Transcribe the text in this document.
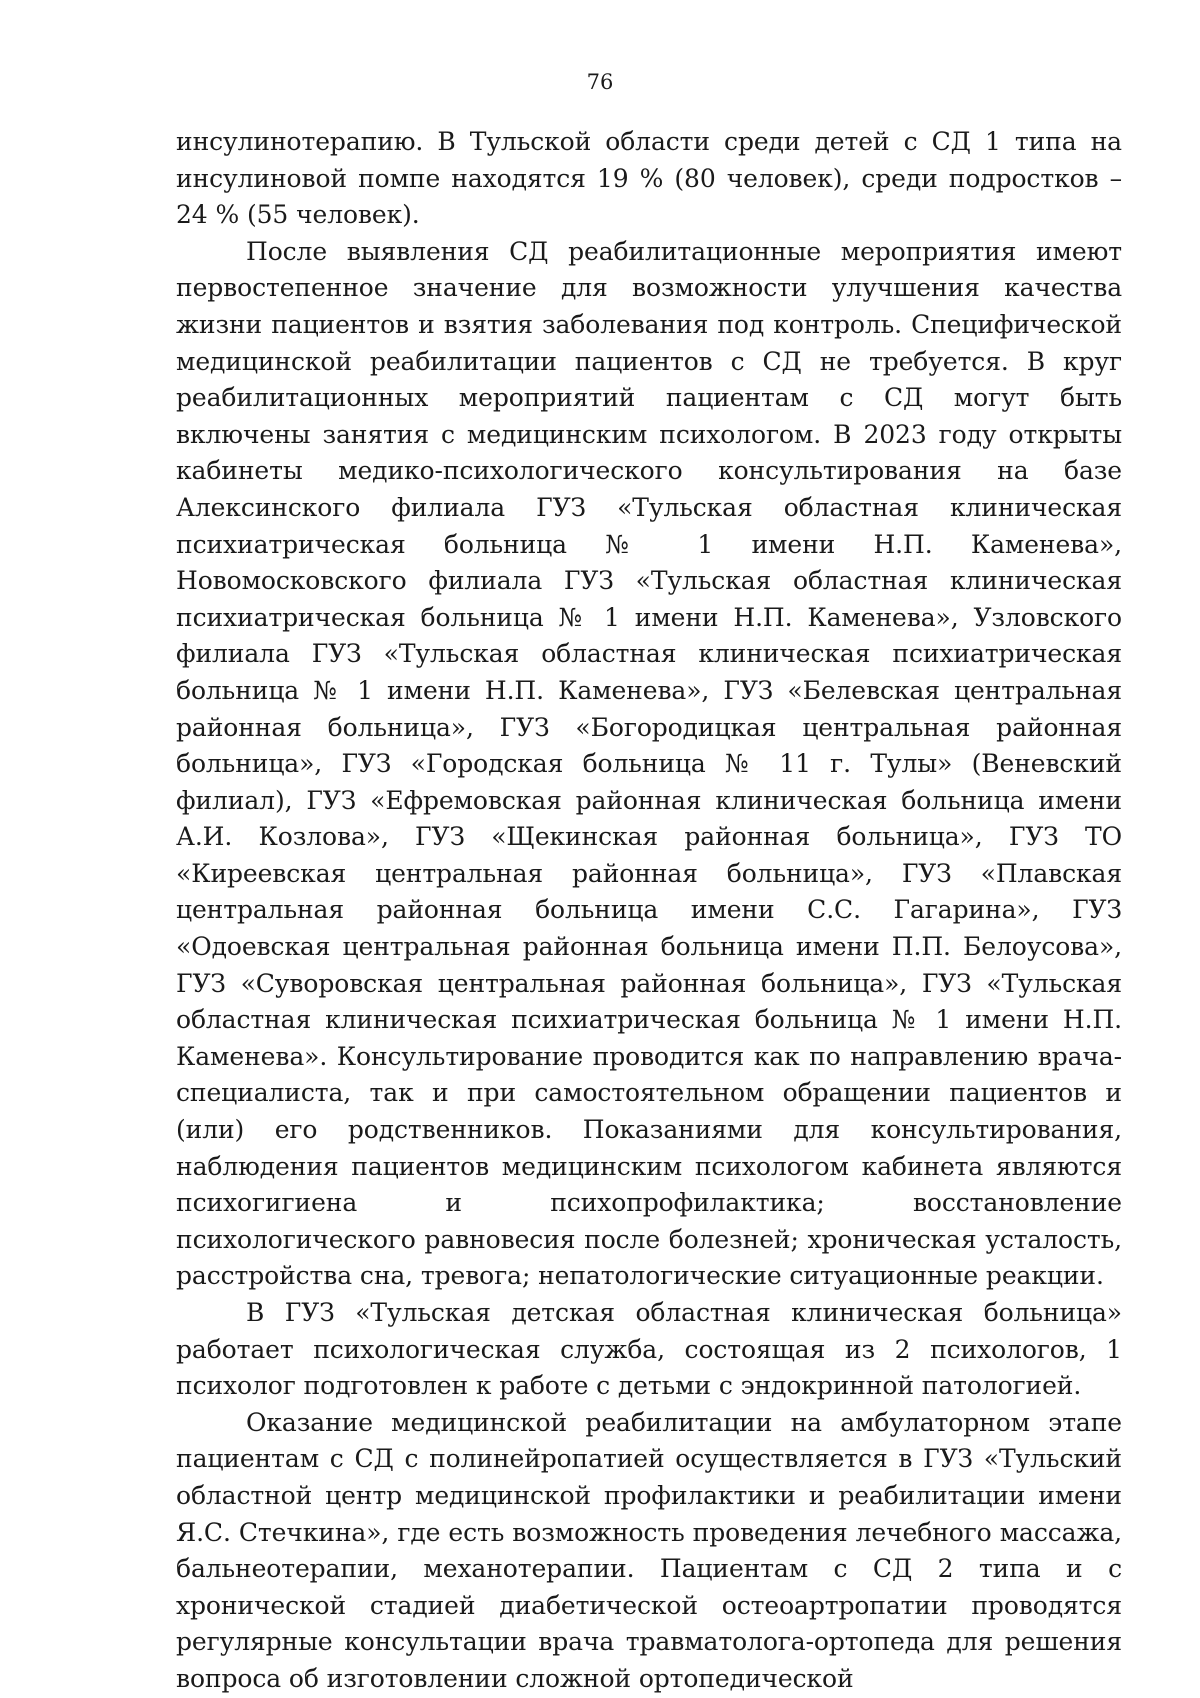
76

инсулинотерапию. В Тульской области среди детей с СД 1 типа на инсулиновой помпе находятся 19 % (80 человек), среди подростков – 24 % (55 человек).

После выявления СД реабилитационные мероприятия имеют первостепенное значение для возможности улучшения качества жизни пациентов и взятия заболевания под контроль. Специфической медицинской реабилитации пациентов с СД не требуется. В круг реабилитационных мероприятий пациентам с СД могут быть включены занятия с медицинским психологом. В 2023 году открыты кабинеты медико-психологического консультирования на базе Алексинского филиала ГУЗ «Тульская областная клиническая психиатрическая больница № 1 имени Н.П. Каменева», Новомосковского филиала ГУЗ «Тульская областная клиническая психиатрическая больница № 1 имени Н.П. Каменева», Узловского филиала ГУЗ «Тульская областная клиническая психиатрическая больница № 1 имени Н.П. Каменева», ГУЗ «Белевская центральная районная больница», ГУЗ «Богородицкая центральная районная больница», ГУЗ «Городская больница № 11 г. Тулы» (Веневский филиал), ГУЗ «Ефремовская районная клиническая больница имени А.И. Козлова», ГУЗ «Щекинская районная больница», ГУЗ ТО «Киреевская центральная районная больница», ГУЗ «Плавская центральная районная больница имени С.С. Гагарина», ГУЗ «Одоевская центральная районная больница имени П.П. Белоусова», ГУЗ «Суворовская центральная районная больница», ГУЗ «Тульская областная клиническая психиатрическая больница № 1 имени Н.П. Каменева». Консультирование проводится как по направлению врача-специалиста, так и при самостоятельном обращении пациентов и (или) его родственников. Показаниями для консультирования, наблюдения пациентов медицинским психологом кабинета являются психогигиена и психопрофилактика; восстановление психологического равновесия после болезней; хроническая усталость, расстройства сна, тревога; непатологические ситуационные реакции.

В ГУЗ «Тульская детская областная клиническая больница» работает психологическая служба, состоящая из 2 психологов, 1 психолог подготовлен к работе с детьми с эндокринной патологией.

Оказание медицинской реабилитации на амбулаторном этапе пациентам с СД с полинейропатией осуществляется в ГУЗ «Тульский областной центр медицинской профилактики и реабилитации имени Я.С. Стечкина», где есть возможность проведения лечебного массажа, бальнеотерапии, механотерапии. Пациентам с СД 2 типа и с хронической стадией диабетической остеоартропатии проводятся регулярные консультации врача травматолога-ортопеда для решения вопроса об изготовлении сложной ортопедической
